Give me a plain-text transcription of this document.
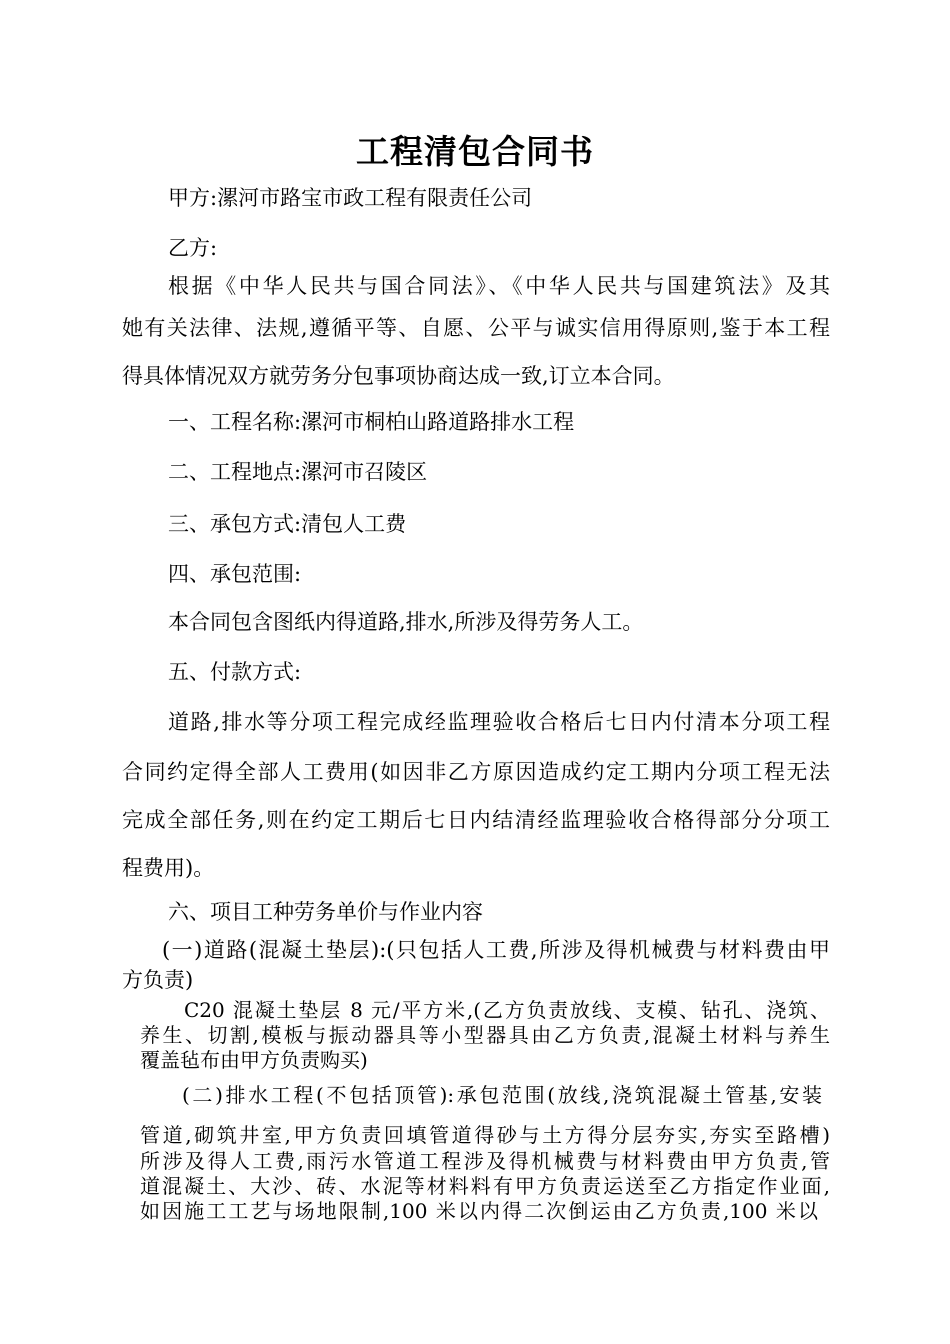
工程清包合同书
甲方:漯河市路宝市政工程有限责任公司
乙方:
根据《中华人民共与国合同法》、《中华人民共与国建筑法》及其
她有关法律、法规,遵循平等、自愿、公平与诚实信用得原则,鉴于本工程
得具体情况双方就劳务分包事项协商达成一致,订立本合同。
一、工程名称:漯河市桐柏山路道路排水工程
二、工程地点:漯河市召陵区
三、承包方式:清包人工费
四、承包范围:
本合同包含图纸内得道路,排水,所涉及得劳务人工。
五、付款方式:
道路,排水等分项工程完成经监理验收合格后七日内付清本分项工程
合同约定得全部人工费用(如因非乙方原因造成约定工期内分项工程无法
完成全部任务,则在约定工期后七日内结清经监理验收合格得部分分项工
程费用)。
六、项目工种劳务单价与作业内容
(一)道路(混凝土垫层):(只包括人工费,所涉及得机械费与材料费由甲
方负责)
C20 混凝土垫层 8 元/平方米,(乙方负责放线、支模、钻孔、浇筑、
养生、切割,模板与振动器具等小型器具由乙方负责,混凝土材料与养生
覆盖毡布由甲方负责购买)
(二)排水工程(不包括顶管):承包范围(放线,浇筑混凝土管基,安装
管道,砌筑井室,甲方负责回填管道得砂与土方得分层夯实,夯实至路槽)
所涉及得人工费,雨污水管道工程涉及得机械费与材料费由甲方负责,管
道混凝土、大沙、砖、水泥等材料料有甲方负责运送至乙方指定作业面,
如因施工工艺与场地限制,100 米以内得二次倒运由乙方负责,100 米以
